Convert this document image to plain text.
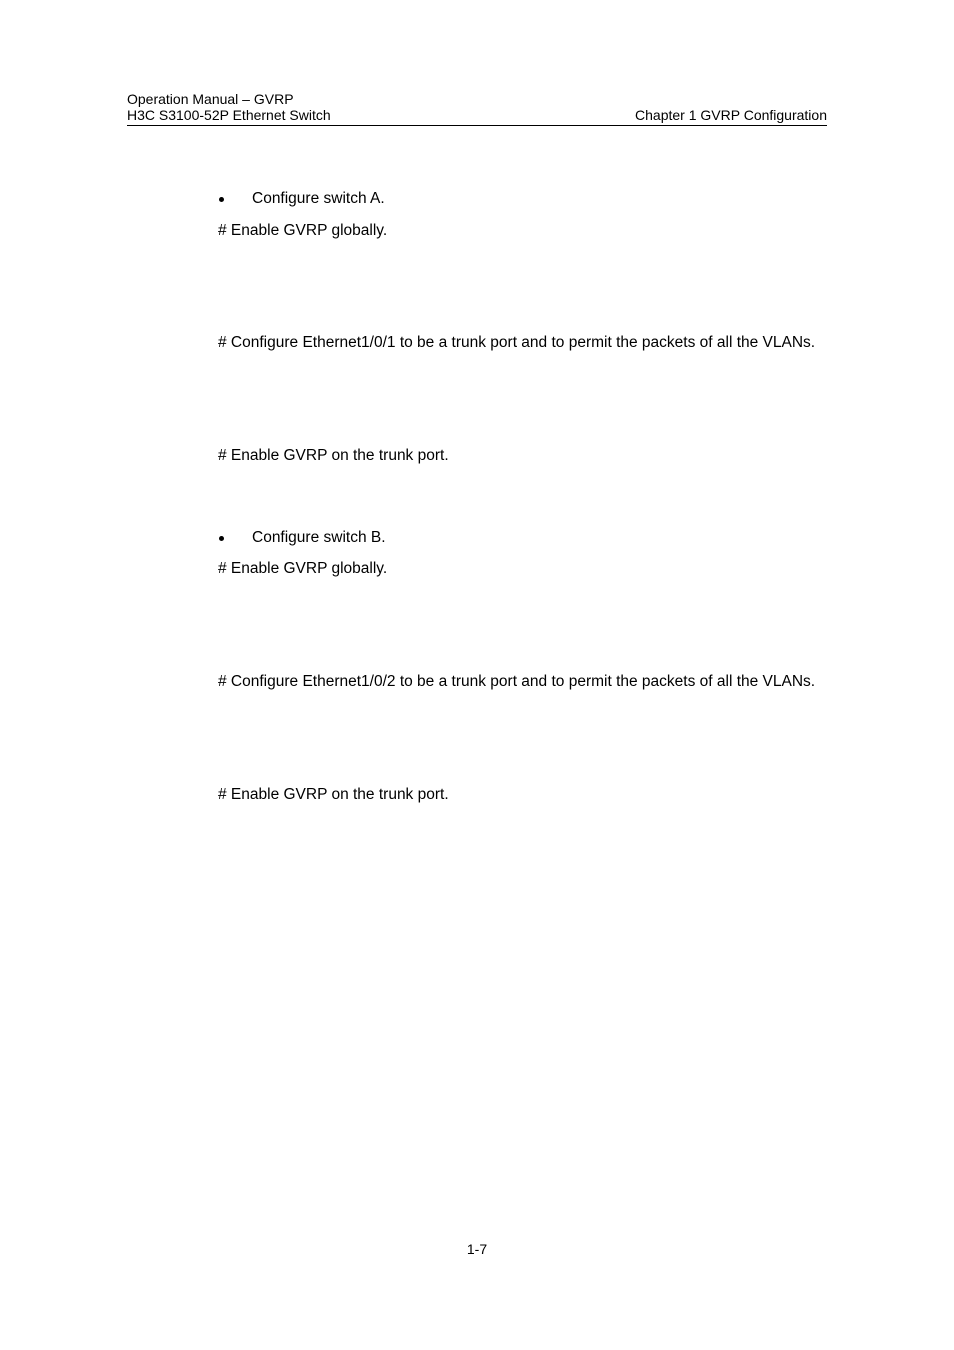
Operation Manual – GVRP
H3C S3100-52P Ethernet Switch	Chapter 1 GVRP Configuration
Configure switch A.
# Enable GVRP globally.
# Configure Ethernet1/0/1 to be a trunk port and to permit the packets of all the VLANs.
# Enable GVRP on the trunk port.
Configure switch B.
# Enable GVRP globally.
# Configure Ethernet1/0/2 to be a trunk port and to permit the packets of all the VLANs.
# Enable GVRP on the trunk port.
1-7
